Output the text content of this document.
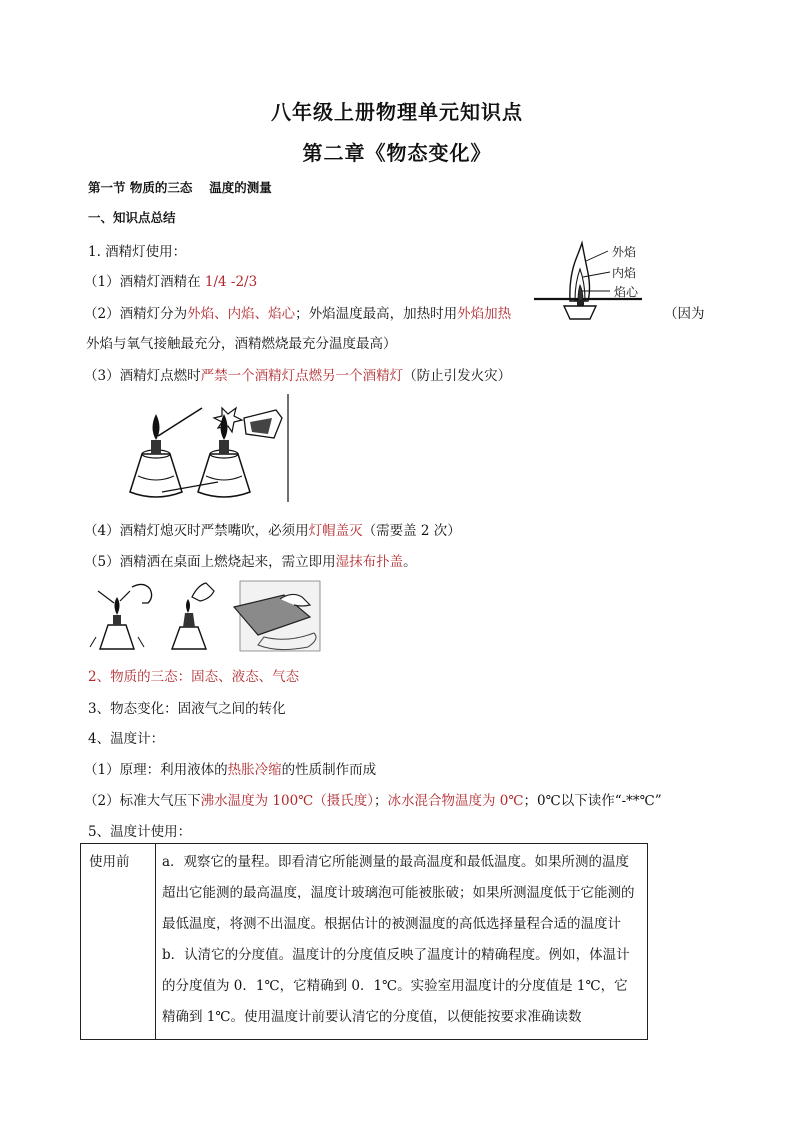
八年级上册物理单元知识点
第二章《物态变化》
第一节 物质的三态　 温度的测量
一、知识点总结
1. 酒精灯使用：
（1）酒精灯酒精在 1/4 -2/3
（2）酒精灯分为外焰、内焰、焰心；外焰温度最高，加热时用外焰加热	（因为
外焰与氧气接触最充分，酒精燃烧最充分温度最高）
（3）酒精灯点燃时严禁一个酒精灯点燃另一个酒精灯（防止引发火灾）
（4）酒精灯熄灭时严禁嘴吹，必须用灯帽盖灭（需要盖 2 次）
（5）酒精洒在桌面上燃烧起来，需立即用湿抹布扑盖。
2、物质的三态：固态、液态、气态
3、物态变化：固液气之间的转化
4、温度计：
（1）原理：利用液体的热胀冷缩的性质制作而成
（2）标准大气压下沸水温度为 100℃（摄氏度）；冰水混合物温度为 0℃；0℃以下读作“-**℃”
5、温度计使用：
外焰
内焰
焰心
使用前	a．观察它的量程。即看清它所能测量的最高温度和最低温度。如果所测的温度超出它能测的最高温度，温度计玻璃泡可能被胀破；如果所测温度低于它能测的最低温度，将测不出温度。根据估计的被测温度的高低选择量程合适的温度计
b．认清它的分度值。温度计的分度值反映了温度计的精确程度。例如，体温计的分度值为 0．1℃，它精确到 0．1℃。实验室用温度计的分度值是 1℃，它精确到 1℃。使用温度计前要认清它的分度值，以便能按要求准确读数
